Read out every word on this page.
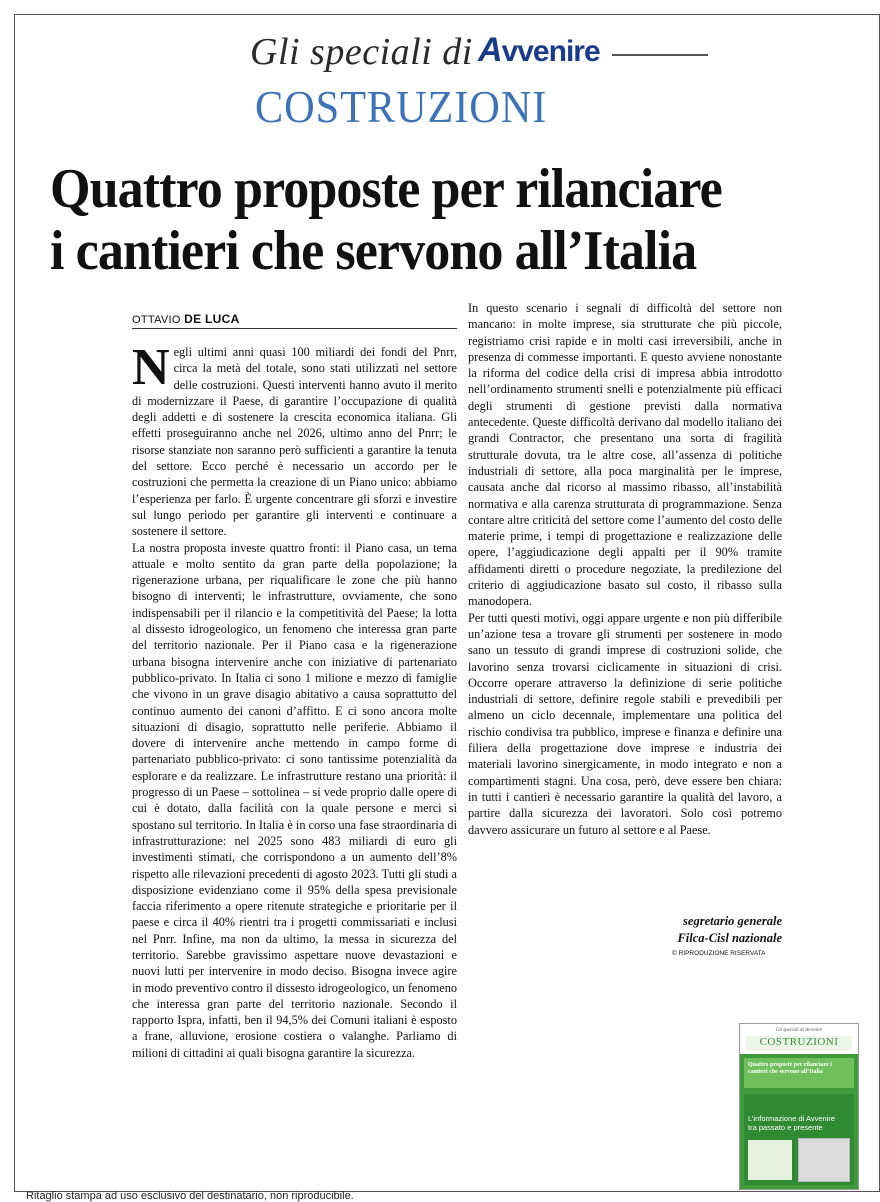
Gli speciali di Avvenire
COSTRUZIONI
Quattro proposte per rilanciare
i cantieri che servono all’Italia
OTTAVIO DE LUCA

Negli ultimi anni quasi 100 miliardi dei fondi del Pnrr, circa la metà del totale, sono stati utilizzati nel settore delle costruzioni. Questi interventi hanno avuto il merito di modernizzare il Paese, di garantire l’occupazione di qualità degli addetti e di sostenere la crescita economica italiana. Gli effetti proseguiranno anche nel 2026, ultimo anno del Pnrr; le risorse stanziate non saranno però sufficienti a garantire la tenuta del settore. Ecco perché è necessario un accordo per le costruzioni che permetta la creazione di un Piano unico: abbiamo l’esperienza per farlo. È urgente concentrare gli sforzi e investire sul lungo periodo per garantire gli interventi e continuare a sostenere il settore.

La nostra proposta investe quattro fronti: il Piano casa, un tema attuale e molto sentito da gran parte della popolazione; la rigenerazione urbana, per riqualificare le zone che più hanno bisogno di interventi; le infrastrutture, ovviamente, che sono indispensabili per il rilancio e la competitività del Paese; la lotta al dissesto idrogeologico, un fenomeno che interessa gran parte del territorio nazionale. Per il Piano casa e la rigenerazione urbana bisogna intervenire anche con iniziative di partenariato pubblico-privato. In Italia ci sono 1 milione e mezzo di famiglie che vivono in un grave disagio abitativo a causa soprattutto del continuo aumento dei canoni d’affitto. E ci sono ancora molte situazioni di disagio, soprattutto nelle periferie. Abbiamo il dovere di intervenire anche mettendo in campo forme di partenariato pubblico-privato: ci sono tantissime potenzialità da esplorare e da realizzare. Le infrastrutture restano una priorità: il progresso di un Paese – sottolinea – si vede proprio dalle opere di cui è dotato, dalla facilità con la quale persone e merci si spostano sul territorio. In Italia è in corso una fase straordinaria di infrastrutturazione: nel 2025 sono 483 miliardi di euro gli investimenti stimati, che corrispondono a un aumento dell’8% rispetto alle rilevazioni precedenti di agosto 2023. Tutti gli studi a disposizione evidenziano come il 95% della spesa previsionale faccia riferimento a opere ritenute strategiche e prioritarie per il paese e circa il 40% rientri tra i progetti commissariati e inclusi nel Pnrr. Infine, ma non da ultimo, la messa in sicurezza del territorio. Sarebbe gravissimo aspettare nuove devastazioni e nuovi lutti per intervenire in modo deciso. Bisogna invece agire in modo preventivo contro il dissesto idrogeologico, un fenomeno che interessa gran parte del territorio nazionale. Secondo il rapporto Ispra, infatti, ben il 94,5% dei Comuni italiani è esposto a frane, alluvione, erosione costiera o valanghe. Parliamo di milioni di cittadini ai quali bisogna garantire la sicurezza.

In questo scenario i segnali di difficoltà del settore non mancano: in molte imprese, sia strutturate che più piccole, registriamo crisi rapide e in molti casi irreversibili, anche in presenza di commesse importanti. E questo avviene nonostante la riforma del codice della crisi di impresa abbia introdotto nell’ordinamento strumenti snelli e potenzialmente più efficaci degli strumenti di gestione previsti dalla normativa antecedente. Queste difficoltà derivano dal modello italiano dei grandi Contractor, che presentano una sorta di fragilità strutturale dovuta, tra le altre cose, all’assenza di politiche industriali di settore, alla poca marginalità per le imprese, causata anche dal ricorso al massimo ribasso, all’instabilità normativa e alla carenza strutturata di programmazione. Senza contare altre criticità del settore come l’aumento del costo delle materie prime, i tempi di progettazione e realizzazione delle opere, l’aggiudicazione degli appalti per il 90% tramite affidamenti diretti o procedure negoziate, la predilezione del criterio di aggiudicazione basato sul costo, il ribasso sulla manodopera.

Per tutti questi motivi, oggi appare urgente e non più differibile un’azione tesa a trovare gli strumenti per sostenere in modo sano un tessuto di grandi imprese di costruzioni solide, che lavorino senza trovarsi ciclicamente in situazioni di crisi. Occorre operare attraverso la definizione di serie politiche industriali di settore, definire regole stabili e prevedibili per almeno un ciclo decennale, implementare una politica del rischio condivisa tra pubblico, imprese e finanza e definire una filiera della progettazione dove imprese e industria dei materiali lavorino sinergicamente, in modo integrato e non a compartimenti stagni. Una cosa, però, deve essere ben chiara: in tutti i cantieri è necessario garantire la qualità del lavoro, a partire dalla sicurezza dei lavoratori. Solo così potremo davvero assicurare un futuro al settore e al Paese.

segretario generale
Filca-Cisl nazionale
© RIPRODUZIONE RISERVATA
Gli speciali di Avvenire
COSTRUZIONI
Quattro proposte per rilanciare i cantieri che servono all’Italia
L’informazione di Avvenire
tra passato e presente
Ritaglio stampa ad uso esclusivo del destinatario, non riproducibile.
